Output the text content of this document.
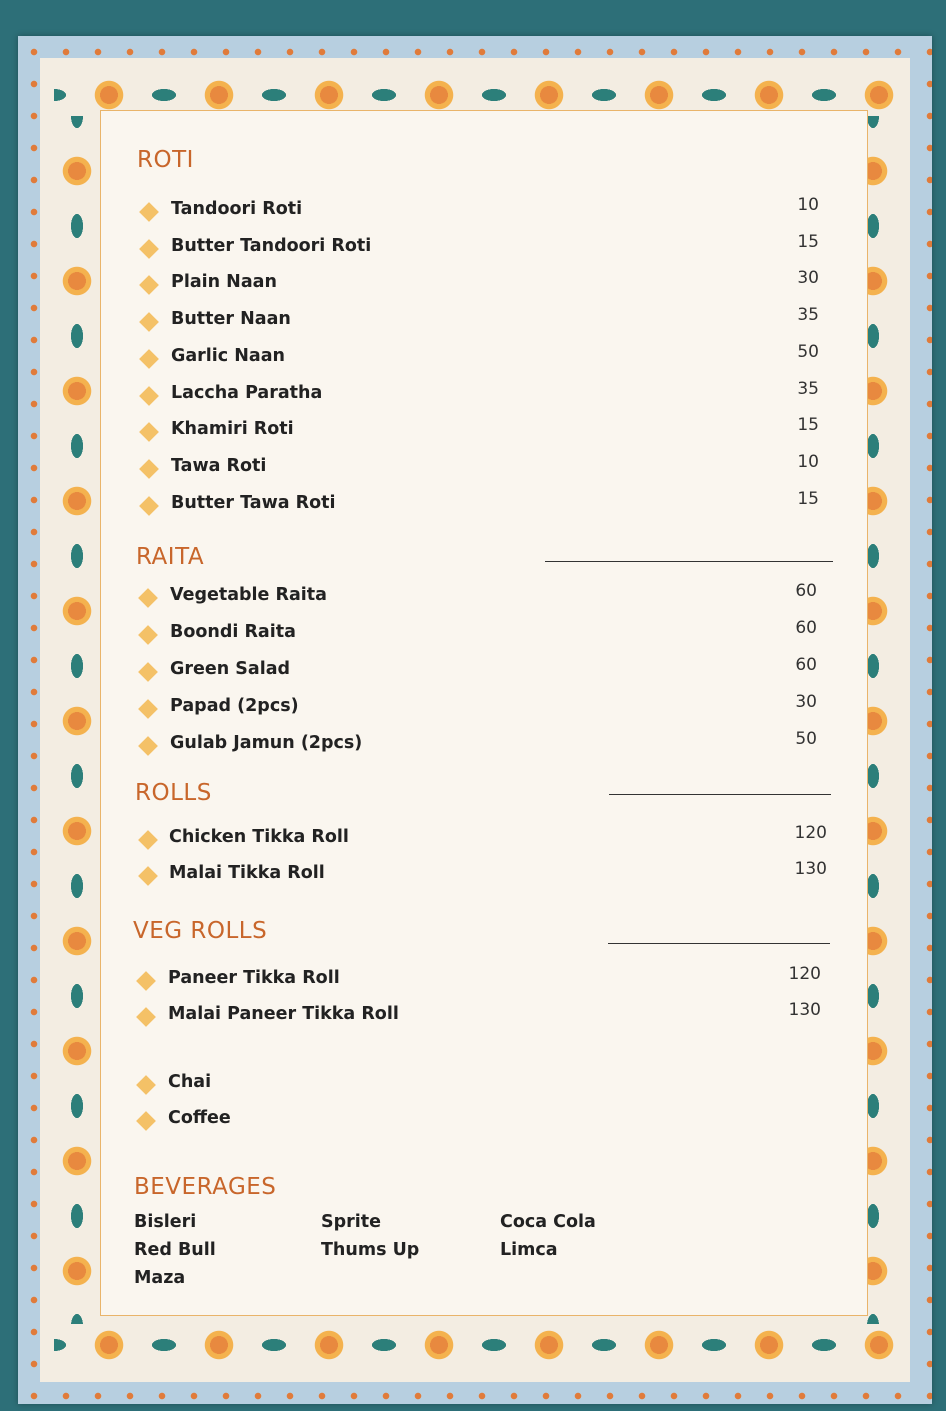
ROTI
Tandoori Roti	10
Butter Tandoori Roti	15
Plain Naan	30
Butter Naan	35
Garlic Naan	50
Laccha Paratha	35
Khamiri Roti	15
Tawa Roti	10
Butter Tawa Roti	15
RAITA
Vegetable Raita	60
Boondi Raita	60
Green Salad	60
Papad (2pcs)	30
Gulab Jamun (2pcs)	50
ROLLS
Chicken Tikka Roll	120
Malai Tikka Roll	130
VEG ROLLS
Paneer Tikka Roll	120
Malai Paneer Tikka Roll	130
Chai
Coffee
BEVERAGES
Bisleri
Red Bull
Maza
Sprite
Thums Up
Coca Cola
Limca
